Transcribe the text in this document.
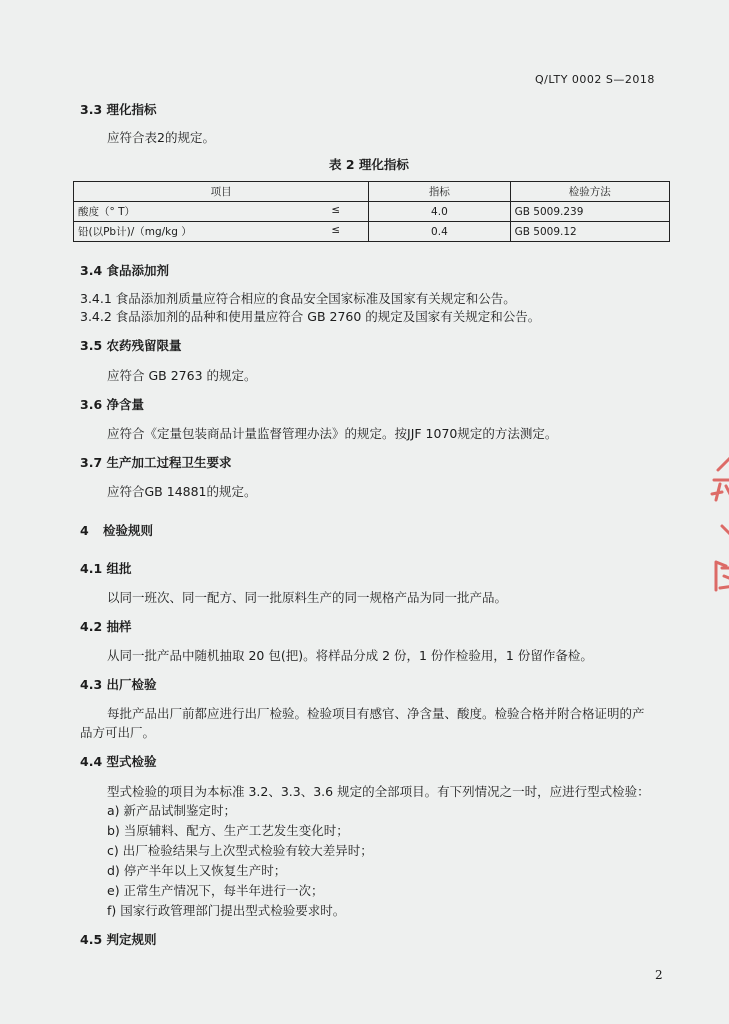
Q/LTY 0002 S—2018
3.3 理化指标
应符合表2的规定。
表 2 理化指标
项目	指标	检验方法

酸度（° T） ≤	4.0	GB 5009.239

铅(以Pb计)/（mg/kg ） ≤	0.4	GB 5009.12
3.4 食品添加剂
3.4.1 食品添加剂质量应符合相应的食品安全国家标准及国家有关规定和公告。
3.4.2 食品添加剂的品种和使用量应符合 GB 2760 的规定及国家有关规定和公告。
3.5 农药残留限量
应符合 GB 2763 的规定。
3.6 净含量
应符合《定量包装商品计量监督管理办法》的规定。按JJF 1070规定的方法测定。
3.7 生产加工过程卫生要求
应符合GB 14881的规定。
4 检验规则
4.1 组批
以同一班次、同一配方、同一批原料生产的同一规格产品为同一批产品。
4.2 抽样
从同一批产品中随机抽取 20 包(把)。将样品分成 2 份，1 份作检验用，1 份留作备检。
4.3 出厂检验
每批产品出厂前都应进行出厂检验。检验项目有感官、净含量、酸度。检验合格并附合格证明的产
品方可出厂。
4.4 型式检验
型式检验的项目为本标准 3.2、3.3、3.6 规定的全部项目。有下列情况之一时，应进行型式检验：
a) 新产品试制鉴定时；
b) 当原辅料、配方、生产工艺发生变化时；
c) 出厂检验结果与上次型式检验有较大差异时；
d) 停产半年以上又恢复生产时；
e) 正常生产情况下，每半年进行一次；
f) 国家行政管理部门提出型式检验要求时。
4.5 判定规则
2
